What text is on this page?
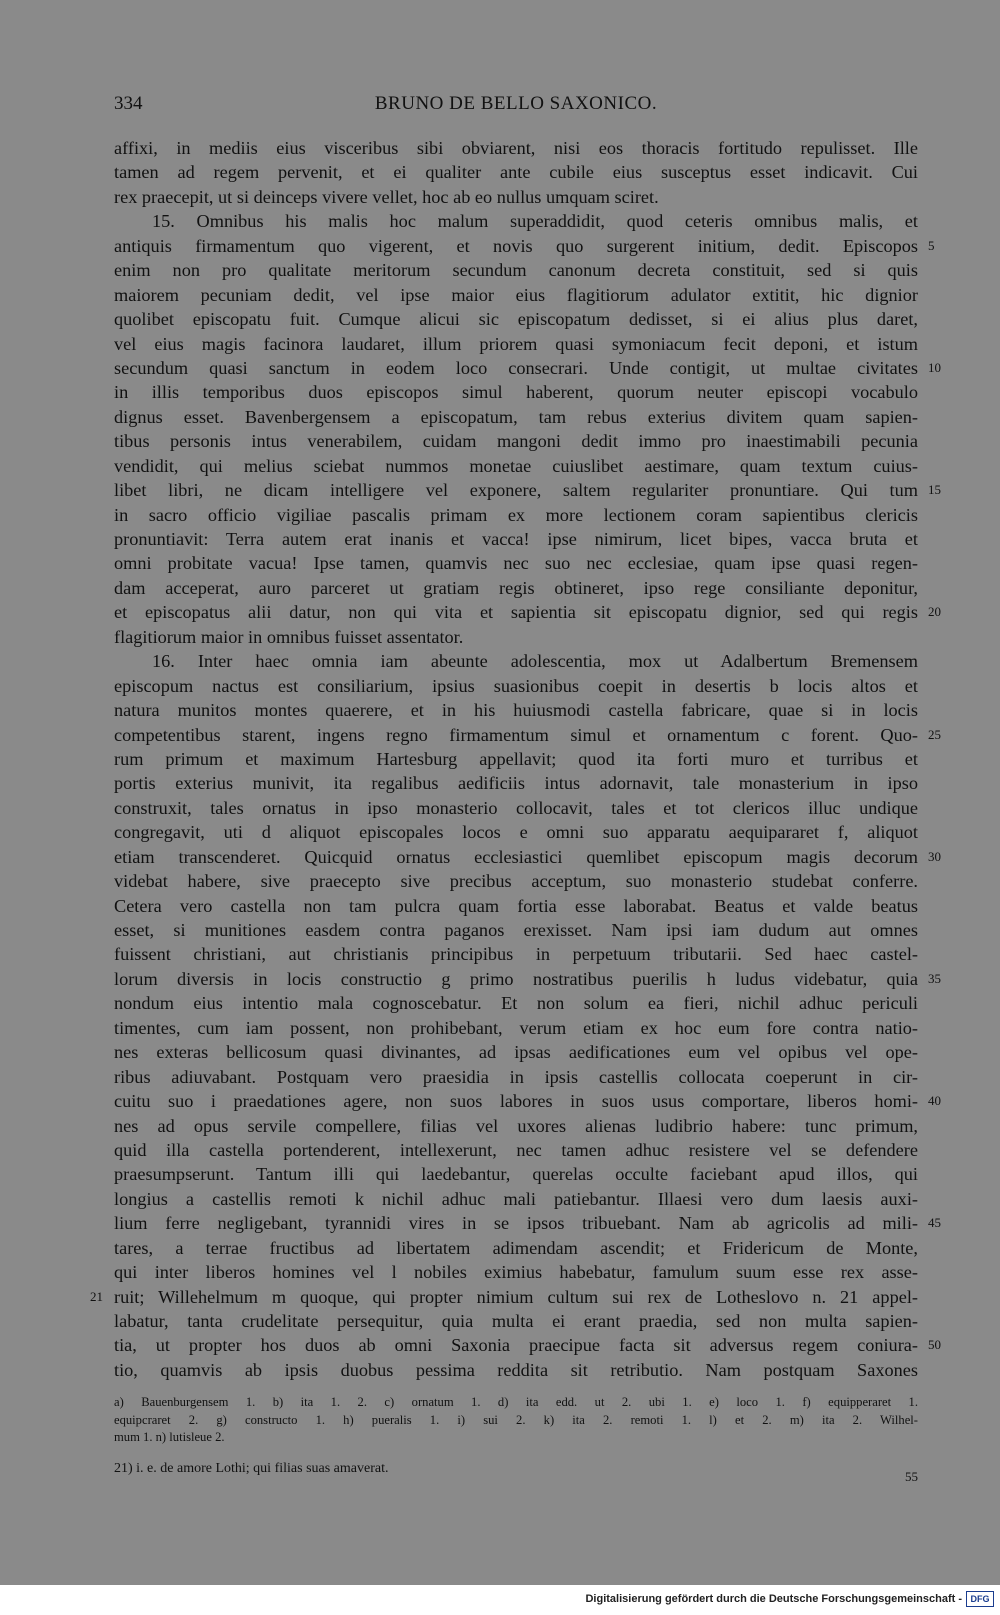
334	BRUNO DE BELLO SAXONICO.
affixi, in mediis eius visceribus sibi obviarent, nisi eos thoracis fortitudo repulisset. Ille
tamen ad regem pervenit, et ei qualiter ante cubile eius susceptus esset indicavit. Cui
rex praecepit, ut si deinceps vivere vellet, hoc ab eo nullus umquam sciret.
15. Omnibus his malis hoc malum superaddidit, quod ceteris omnibus malis, et
antiquis firmamentum quo vigerent, et novis quo surgerent initium, dedit. Episcopos 5
enim non pro qualitate meritorum secundum canonum decreta constituit, sed si quis
maiorem pecuniam dedit, vel ipse maior eius flagitiorum adulator extitit, hic dignior
quolibet episcopatu fuit. Cumque alicui sic episcopatum dedisset, si ei alius plus daret,
vel eius magis facinora laudaret, illum priorem quasi symoniacum fecit deponi, et istum
secundum quasi sanctum in eodem loco consecrari. Unde contigit, ut multae civitates 10
in illis temporibus duos episcopos simul haberent, quorum neuter episcopi vocabulo
dignus esset. Bavenbergensem a episcopatum, tam rebus exterius divitem quam sapien-
tibus personis intus venerabilem, cuidam mangoni dedit immo pro inaestimabili pecunia
vendidit, qui melius sciebat nummos monetae cuiuslibet aestimare, quam textum cuius-
libet libri, ne dicam intelligere vel exponere, saltem regulariter pronuntiare. Qui tum 15
in sacro officio vigiliae pascalis primam ex more lectionem coram sapientibus clericis
pronuntiavit: Terra autem erat inanis et vacca! ipse nimirum, licet bipes, vacca bruta et
omni probitate vacua! Ipse tamen, quamvis nec suo nec ecclesiae, quam ipse quasi regen-
dam acceperat, auro parceret ut gratiam regis obtineret, ipso rege consiliante deponitur,
et episcopatus alii datur, non qui vita et sapientia sit episcopatu dignior, sed qui regis 20
flagitiorum maior in omnibus fuisset assentator.
16. Inter haec omnia iam abeunte adolescentia, mox ut Adalbertum Bremensem
episcopum nactus est consiliarium, ipsius suasionibus coepit in desertis b locis altos et
natura munitos montes quaerere, et in his huiusmodi castella fabricare, quae si in locis
competentibus starent, ingens regno firmamentum simul et ornamentum c forent. Quo- 25
rum primum et maximum Hartesburg appellavit; quod ita forti muro et turribus et
portis exterius munivit, ita regalibus aedificiis intus adornavit, tale monasterium in ipso
construxit, tales ornatus in ipso monasterio collocavit, tales et tot clericos illuc undique
congregavit, uti d aliquot episcopales locos e omni suo apparatu aequipararet f, aliquot
etiam transcenderet. Quicquid ornatus ecclesiastici quemlibet episcopum magis decorum 30
videbat habere, sive praecepto sive precibus acceptum, suo monasterio studebat conferre.
Cetera vero castella non tam pulcra quam fortia esse laborabat. Beatus et valde beatus
esset, si munitiones easdem contra paganos erexisset. Nam ipsi iam dudum aut omnes
fuissent christiani, aut christianis principibus in perpetuum tributarii. Sed haec castel-
lorum diversis in locis constructio g primo nostratibus puerilis h ludus videbatur, quia 35
nondum eius intentio mala cognoscebatur. Et non solum ea fieri, nichil adhuc periculi
timentes, cum iam possent, non prohibebant, verum etiam ex hoc eum fore contra natio-
nes exteras bellicosum quasi divinantes, ad ipsas aedificationes eum vel opibus vel ope-
ribus adiuvabant. Postquam vero praesidia in ipsis castellis collocata coeperunt in cir-
cuitu suo i praedationes agere, non suos labores in suos usus comportare, liberos homi- 40
nes ad opus servile compellere, filias vel uxores alienas ludibrio habere: tunc primum,
quid illa castella portenderent, intellexerunt, nec tamen adhuc resistere vel se defendere
praesumpserunt. Tantum illi qui laedebantur, querelas occulte faciebant apud illos, qui
longius a castellis remoti k nichil adhuc mali patiebantur. Illaesi vero dum laesis auxi-
lium ferre negligebant, tyrannidi vires in se ipsos tribuebant. Nam ab agricolis ad mili- 45
tares, a terrae fructibus ad libertatem adimendam ascendit; et Fridericum de Monte,
qui inter liberos homines vel l nobiles eximius habebatur, famulum suum esse rex asse-
ruit; Willehelmum m quoque, qui propter nimium cultum sui rex de Lotheslovo n. 21 appel-
21
labatur, tanta crudelitate persequitur, quia multa ei erant praedia, sed non multa sapien-
tia, ut propter hos duos ab omni Saxonia praecipue facta sit adversus regem coniura- 50
tio, quamvis ab ipsis duobus pessima reddita sit retributio. Nam postquam Saxones
a) Bauenburgensem 1. b) ita 1. 2. c) ornatum 1. d) ita edd. ut 2. ubi 1. e) loco 1. f) equipperaret 1.
equipcraret 2. g) constructo 1. h) pueralis 1. i) sui 2. k) ita 2. remoti 1. l) et 2. m) ita 2. Wilhel-
mum 1. n) lutisleue 2.
21) i. e. de amore Lothi; qui filias suas amaverat.
55
Digitalisierung gefördert durch die Deutsche Forschungsgemeinschaft - DFG
